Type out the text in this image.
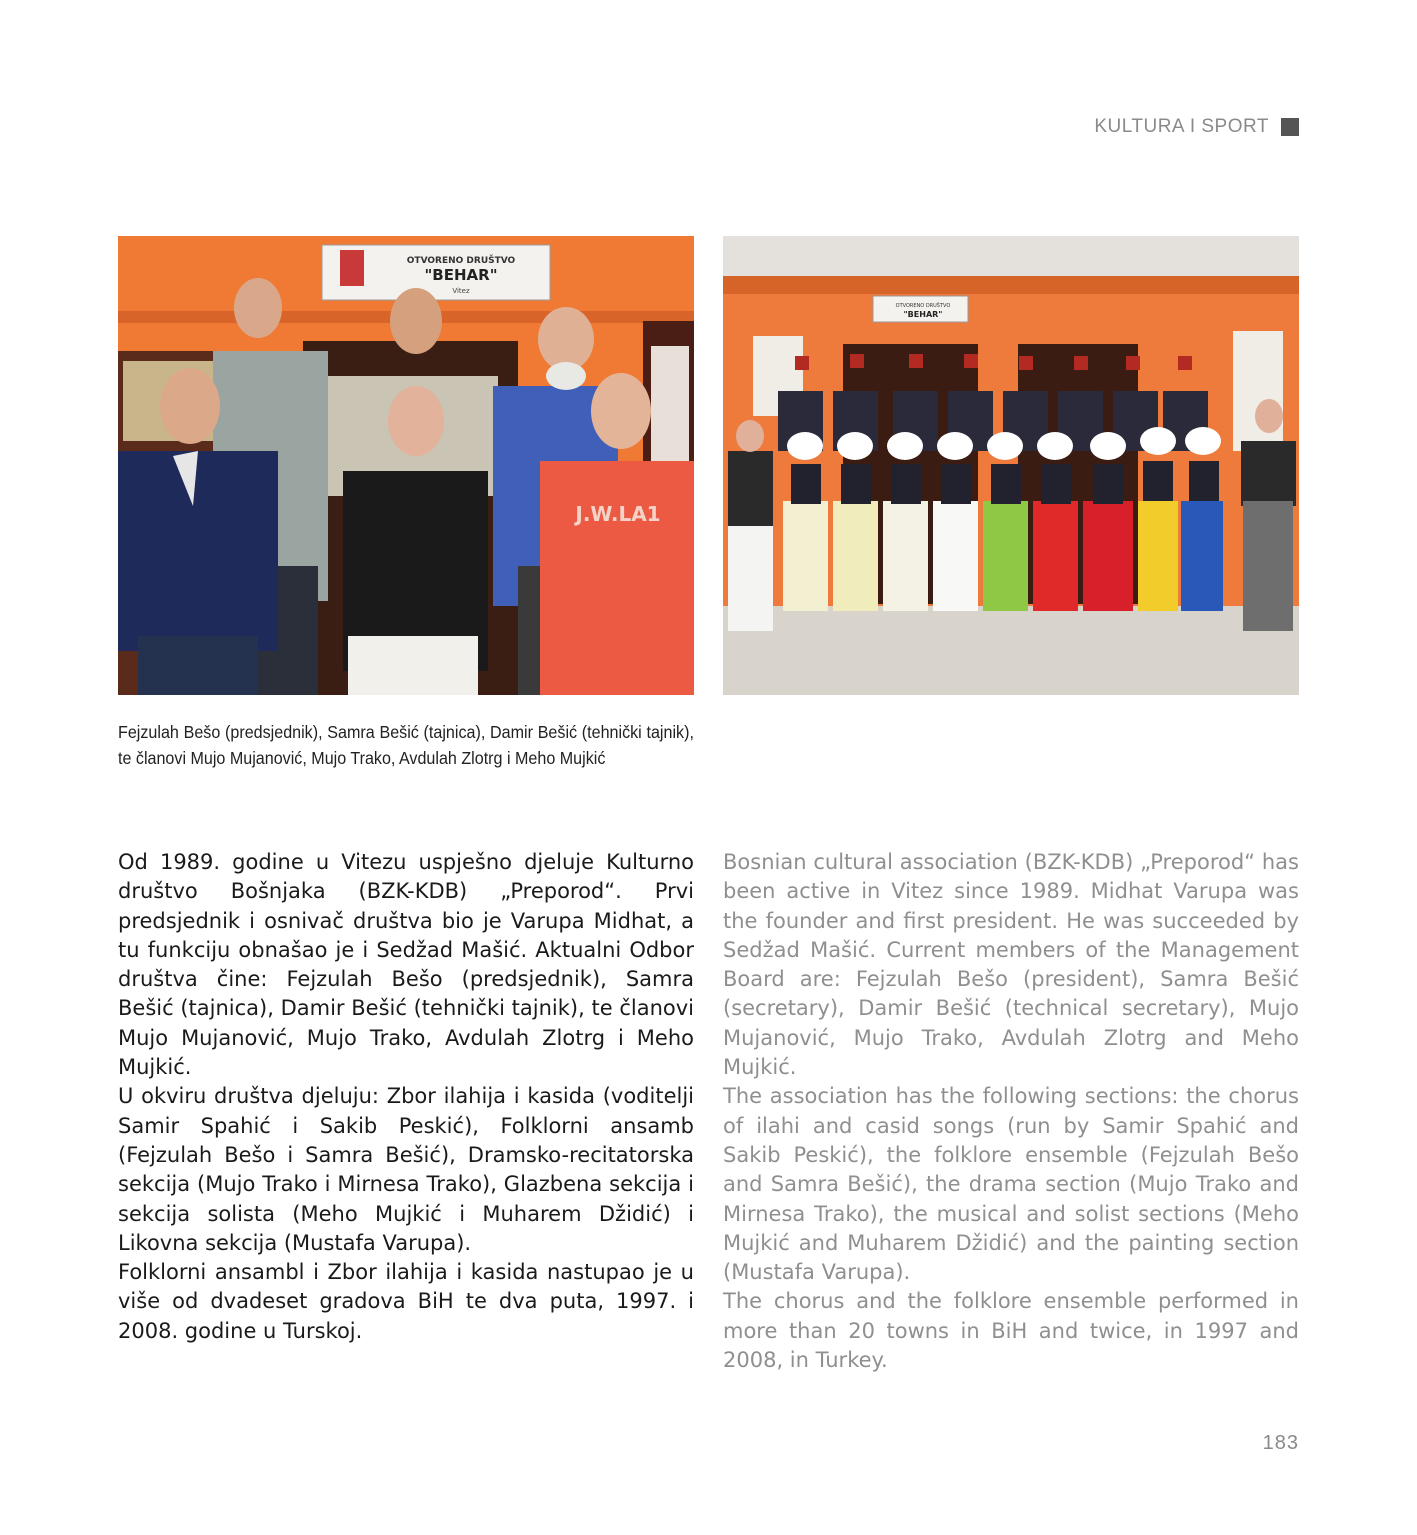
KULTURA I SPORT
OTVORENO DRUŠTVO
"BEHAR"
Vitez
J.W.LA1
OTVORENO DRUŠTVO
"BEHAR"
Fejzulah Bešo (predsjednik), Samra Bešić (tajnica), Damir Bešić (tehnički tajnik), te članovi Mujo Mujanović, Mujo Trako, Avdulah Zlotrg i Meho Mujkić

Od 1989. godine u Vitezu uspješno djeluje Kulturno društvo Bošnjaka (BZK-KDB) „Preporod“. Prvi predsjednik i osnivač društva bio je Varupa Midhat, a tu funkciju obnašao je i Sedžad Mašić. Aktualni Odbor društva čine: Fejzulah Bešo (predsjednik), Samra Bešić (tajnica), Damir Bešić (tehnički tajnik), te članovi Mujo Mujanović, Mujo Trako, Avdulah Zlotrg i Meho Mujkić.

U okviru društva djeluju: Zbor ilahija i kasida (voditelji Samir Spahić i Sakib Peskić), Folklorni ansamb (Fejzulah Bešo i Samra Bešić), Dramsko-recitatorska sekcija (Mujo Trako i Mirnesa Trako), Glazbena sekcija i sekcija solista (Meho Mujkić i Muharem Džidić) i Likovna sekcija (Mustafa Varupa).

Folklorni ansambl i Zbor ilahija i kasida nastupao je u više od dvadeset gradova BiH te dva puta, 1997. i 2008. godine u Turskoj.

Bosnian cultural association (BZK-KDB) „Preporod“ has been active in Vitez since 1989. Midhat Varupa was the founder and first president. He was succeeded by Sedžad Mašić. Current members of the Management Board are: Fejzulah Bešo (president), Samra Bešić (secretary), Damir Bešić (technical secretary), Mujo Mujanović, Mujo Trako, Avdulah Zlotrg and Meho Mujkić.

The association has the following sections: the chorus of ilahi and casid songs (run by Samir Spahić and Sakib Peskić), the folklore ensemble (Fejzulah Bešo and Samra Bešić), the drama section (Mujo Trako and Mirnesa Trako), the musical and solist sections (Meho Mujkić and Muharem Džidić) and the painting section (Mustafa Varupa).

The chorus and the folklore ensemble performed in more than 20 towns in BiH and twice, in 1997 and 2008, in Turkey.

183
